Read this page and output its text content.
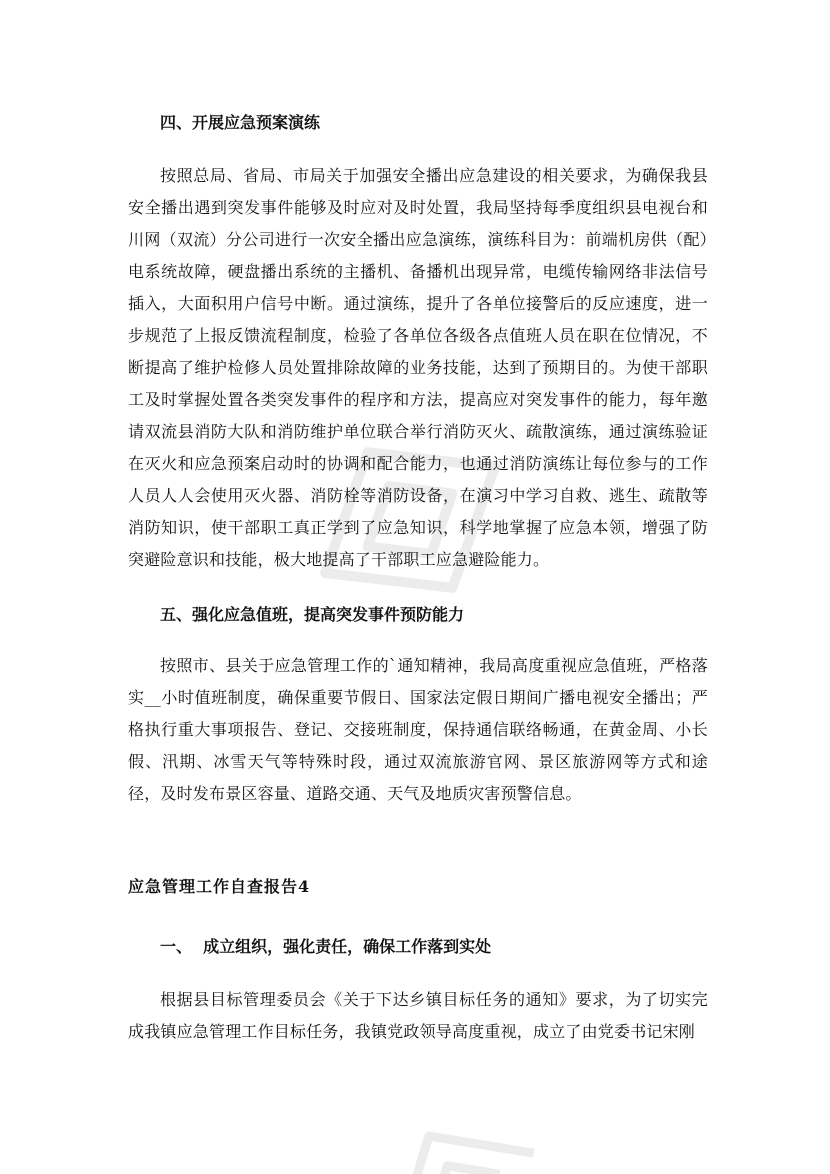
四、开展应急预案演练

按照总局、省局、市局关于加强安全播出应急建设的相关要求，为确保我县安全播出遇到突发事件能够及时应对及时处置，我局坚持每季度组织县电视台和川网（双流）分公司进行一次安全播出应急演练，演练科目为：前端机房供（配）电系统故障，硬盘播出系统的主播机、备播机出现异常，电缆传输网络非法信号插入，大面积用户信号中断。通过演练，提升了各单位接警后的反应速度，进一步规范了上报反馈流程制度，检验了各单位各级各点值班人员在职在位情况，不断提高了维护检修人员处置排除故障的业务技能，达到了预期目的。为使干部职工及时掌握处置各类突发事件的程序和方法，提高应对突发事件的能力，每年邀请双流县消防大队和消防维护单位联合举行消防灭火、疏散演练，通过演练验证在灭火和应急预案启动时的协调和配合能力，也通过消防演练让每位参与的工作人员人人会使用灭火器、消防栓等消防设备，在演习中学习自救、逃生、疏散等消防知识，使干部职工真正学到了应急知识，科学地掌握了应急本领，增强了防突避险意识和技能，极大地提高了干部职工应急避险能力。

五、强化应急值班，提高突发事件预防能力

按照市、县关于应急管理工作的`通知精神，我局高度重视应急值班，严格落实__小时值班制度，确保重要节假日、国家法定假日期间广播电视安全播出；严格执行重大事项报告、登记、交接班制度，保持通信联络畅通，在黄金周、小长假、汛期、冰雪天气等特殊时段，通过双流旅游官网、景区旅游网等方式和途径，及时发布景区容量、道路交通、天气及地质灾害预警信息。

应急管理工作自查报告4

一、  成立组织，强化责任，确保工作落到实处

根据县目标管理委员会《关于下达乡镇目标任务的通知》要求，为了切实完成我镇应急管理工作目标任务，我镇党政领导高度重视，成立了由党委书记宋刚
